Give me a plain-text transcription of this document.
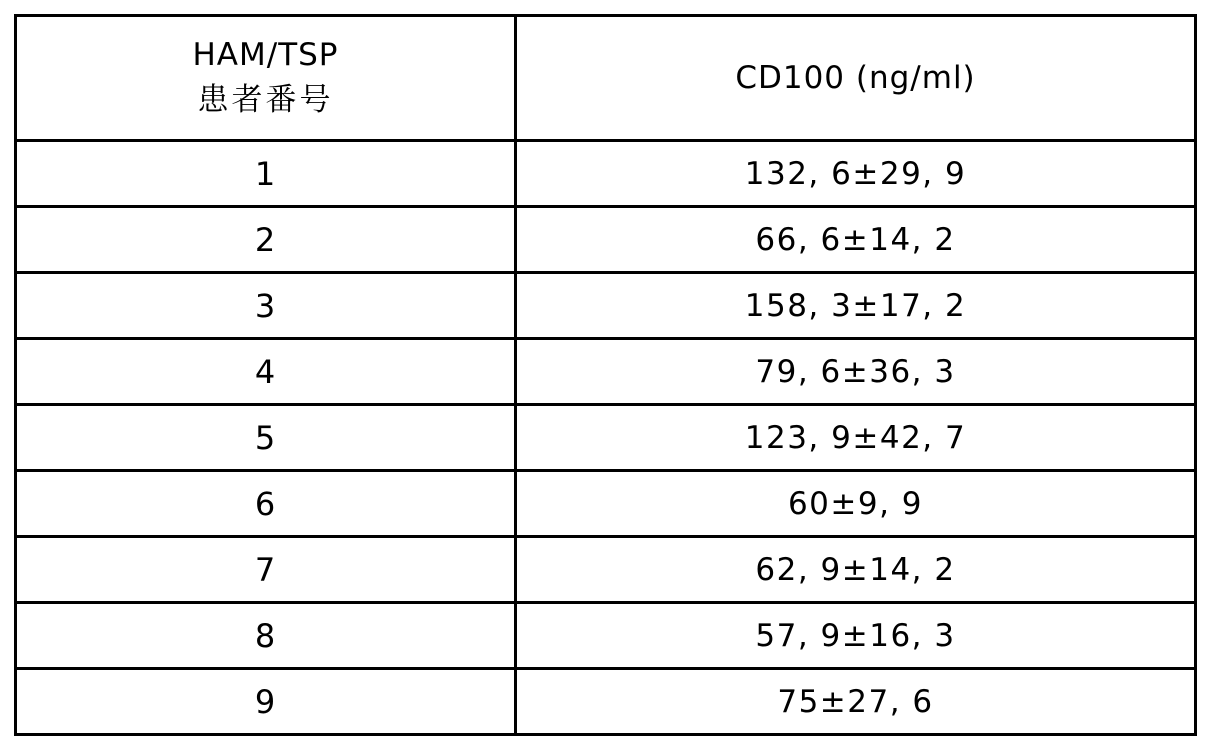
HAM/TSP
患者番号	CD100 (ng/ml)
1	132, 6±29, 9
2	66, 6±14, 2
3	158, 3±17, 2
4	79, 6±36, 3
5	123, 9±42, 7
6	60±9, 9
7	62, 9±14, 2
8	57, 9±16, 3
9	75±27, 6
